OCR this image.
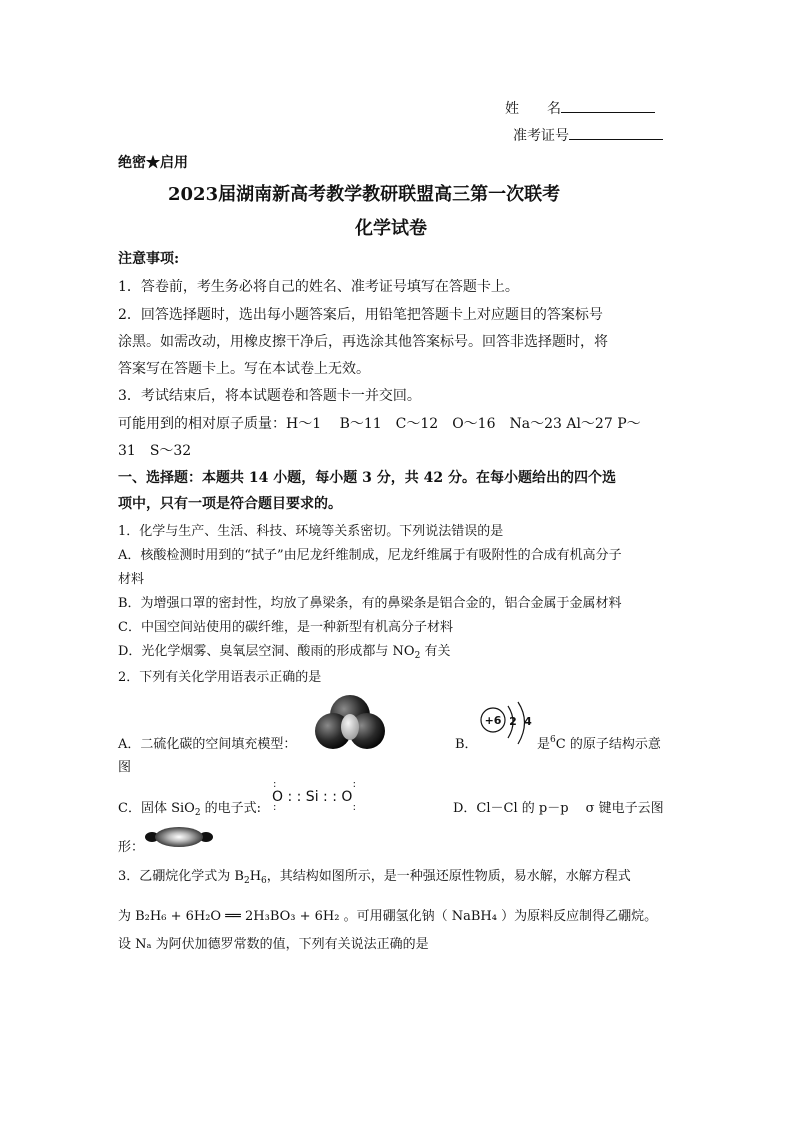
姓　　名
准考证号
绝密★启用
2023届湖南新高考教学教研联盟高三第一次联考
化学试卷
注意事项:
1．答卷前，考生务必将自己的姓名、准考证号填写在答题卡上。
2．回答选择题时，选出每小题答案后，用铅笔把答题卡上对应题目的答案标号
涂黑。如需改动，用橡皮擦干净后，再选涂其他答案标号。回答非选择题时，将
答案写在答题卡上。写在本试卷上无效。
3．考试结束后，将本试题卷和答题卡一并交回。
可能用到的相对原子质量：H～1　 B～11　C～12　O～16　Na～23 Al～27 P～
31　S～32
一、选择题：本题共 14 小题，每小题 3 分，共 42 分。在每小题给出的四个选
项中，只有一项是符合题目要求的。
1．化学与生产、生活、科技、环境等关系密切。下列说法错误的是
A．核酸检测时用到的“拭子”由尼龙纤维制成，尼龙纤维属于有吸附性的合成有机高分子
材料
B．为增强口罩的密封性，均放了鼻梁条，有的鼻梁条是铝合金的，铝合金属于金属材料
C．中国空间站使用的碳纤维，是一种新型有机高分子材料
D．光化学烟雾、臭氧层空洞、酸雨的形成都与 $NO_2$ 有关
2．下列有关化学用语表示正确的是
A．二硫化碳的空间填充模型：	B．
+6 2 4
是$^6$C 的原子结构示意
图
C．固体 SiO$_2$ 的电子式:
:                  :
O : : Si : : O
:                  :	D．Cl－Cl 的 p－p　 σ 键电子云图
形：
3．乙硼烷化学式为 $B_2H_6$，其结构如图所示，是一种强还原性物质，易水解，水解方程式
为 B₂H₆ + 6H₂O ══ 2H₃BO₃ + 6H₂ 。可用硼氢化钠（ NaBH₄ ）为原料反应制得乙硼烷。
设 Nₐ 为阿伏加德罗常数的值，下列有关说法正确的是
